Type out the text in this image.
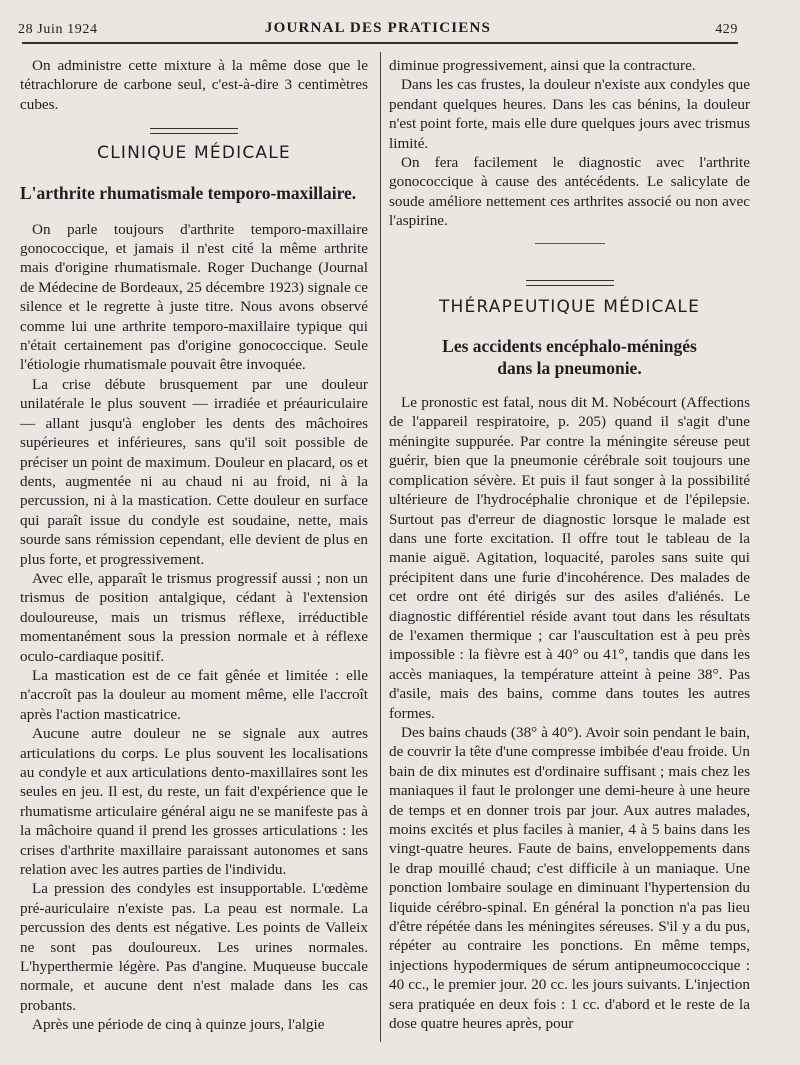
28 Juin 1924	JOURNAL DES PRATICIENS	429

On administre cette mixture à la même dose que le tétrachlorure de carbone seul, c'est-à-dire 3 centimètres cubes.

CLINIQUE MÉDICALE
L'arthrite rhumatismale temporo-maxillaire.

On parle toujours d'arthrite temporo-maxillaire gonococcique, et jamais il n'est cité la même arthrite mais d'origine rhumatismale. Roger Duchange (Journal de Médecine de Bordeaux, 25 décembre 1923) signale ce silence et le regrette à juste titre. Nous avons observé comme lui une arthrite temporo-maxillaire typique qui n'était certainement pas d'origine gonococcique. Seule l'étiologie rhumatismale pouvait être invoquée.

La crise débute brusquement par une douleur unilatérale le plus souvent — irradiée et préauriculaire — allant jusqu'à englober les dents des mâchoires supérieures et inférieures, sans qu'il soit possible de préciser un point de maximum. Douleur en placard, os et dents, augmentée ni au chaud ni au froid, ni à la percussion, ni à la mastication. Cette douleur en surface qui paraît issue du condyle est soudaine, nette, mais sourde sans rémission cependant, elle devient de plus en plus forte, et progressivement.

Avec elle, apparaît le trismus progressif aussi ; non un trismus de position antalgique, cédant à l'extension douloureuse, mais un trismus réflexe, irréductible momentanément sous la pression normale et à réflexe oculo-cardiaque positif.

La mastication est de ce fait gênée et limitée : elle n'accroît pas la douleur au moment même, elle l'accroît après l'action masticatrice.

Aucune autre douleur ne se signale aux autres articulations du corps. Le plus souvent les localisations au condyle et aux articulations dento-maxillaires sont les seules en jeu. Il est, du reste, un fait d'expérience que le rhumatisme articulaire général aigu ne se manifeste pas à la mâchoire quand il prend les grosses articulations : les crises d'arthrite maxillaire paraissant autonomes et sans relation avec les autres parties de l'individu.

La pression des condyles est insupportable. L'œdème pré-auriculaire n'existe pas. La peau est normale. La percussion des dents est négative. Les points de Valleix ne sont pas douloureux. Les urines normales. L'hyperthermie légère. Pas d'angine. Muqueuse buccale normale, et aucune dent n'est malade dans les cas probants.

Après une période de cinq à quinze jours, l'algie

diminue progressivement, ainsi que la contracture.

Dans les cas frustes, la douleur n'existe aux condyles que pendant quelques heures. Dans les cas bénins, la douleur n'est point forte, mais elle dure quelques jours avec trismus limité.

On fera facilement le diagnostic avec l'arthrite gonococcique à cause des antécédents. Le salicylate de soude améliore nettement ces arthrites associé ou non avec l'aspirine.

THÉRAPEUTIQUE MÉDICALE
Les accidents encéphalo-méningés
dans la pneumonie.

Le pronostic est fatal, nous dit M. Nobécourt (Affections de l'appareil respiratoire, p. 205) quand il s'agit d'une méningite suppurée. Par contre la méningite séreuse peut guérir, bien que la pneumonie cérébrale soit toujours une complication sévère. Et puis il faut songer à la possibilité ultérieure de l'hydrocéphalie chronique et de l'épilepsie. Surtout pas d'erreur de diagnostic lorsque le malade est dans une forte excitation. Il offre tout le tableau de la manie aiguë. Agitation, loquacité, paroles sans suite qui précipitent dans une furie d'incohérence. Des malades de cet ordre ont été dirigés sur des asiles d'aliénés. Le diagnostic différentiel réside avant tout dans les résultats de l'examen thermique ; car l'auscultation est à peu près impossible : la fièvre est à 40° ou 41°, tandis que dans les accès maniaques, la température atteint à peine 38°. Pas d'asile, mais des bains, comme dans toutes les autres formes.

Des bains chauds (38° à 40°). Avoir soin pendant le bain, de couvrir la tête d'une compresse imbibée d'eau froide. Un bain de dix minutes est d'ordinaire suffisant ; mais chez les maniaques il faut le prolonger une demi-heure à une heure de temps et en donner trois par jour. Aux autres malades, moins excités et plus faciles à manier, 4 à 5 bains dans les vingt-quatre heures. Faute de bains, enveloppements dans le drap mouillé chaud; c'est difficile à un maniaque. Une ponction lombaire soulage en diminuant l'hypertension du liquide cérébro-spinal. En général la ponction n'a pas lieu d'être répétée dans les méningites séreuses. S'il y a du pus, répéter au contraire les ponctions. En même temps, injections hypodermiques de sérum antipneumococcique : 40 cc., le premier jour. 20 cc. les jours suivants. L'injection sera pratiquée en deux fois : 1 cc. d'abord et le reste de la dose quatre heures après, pour
